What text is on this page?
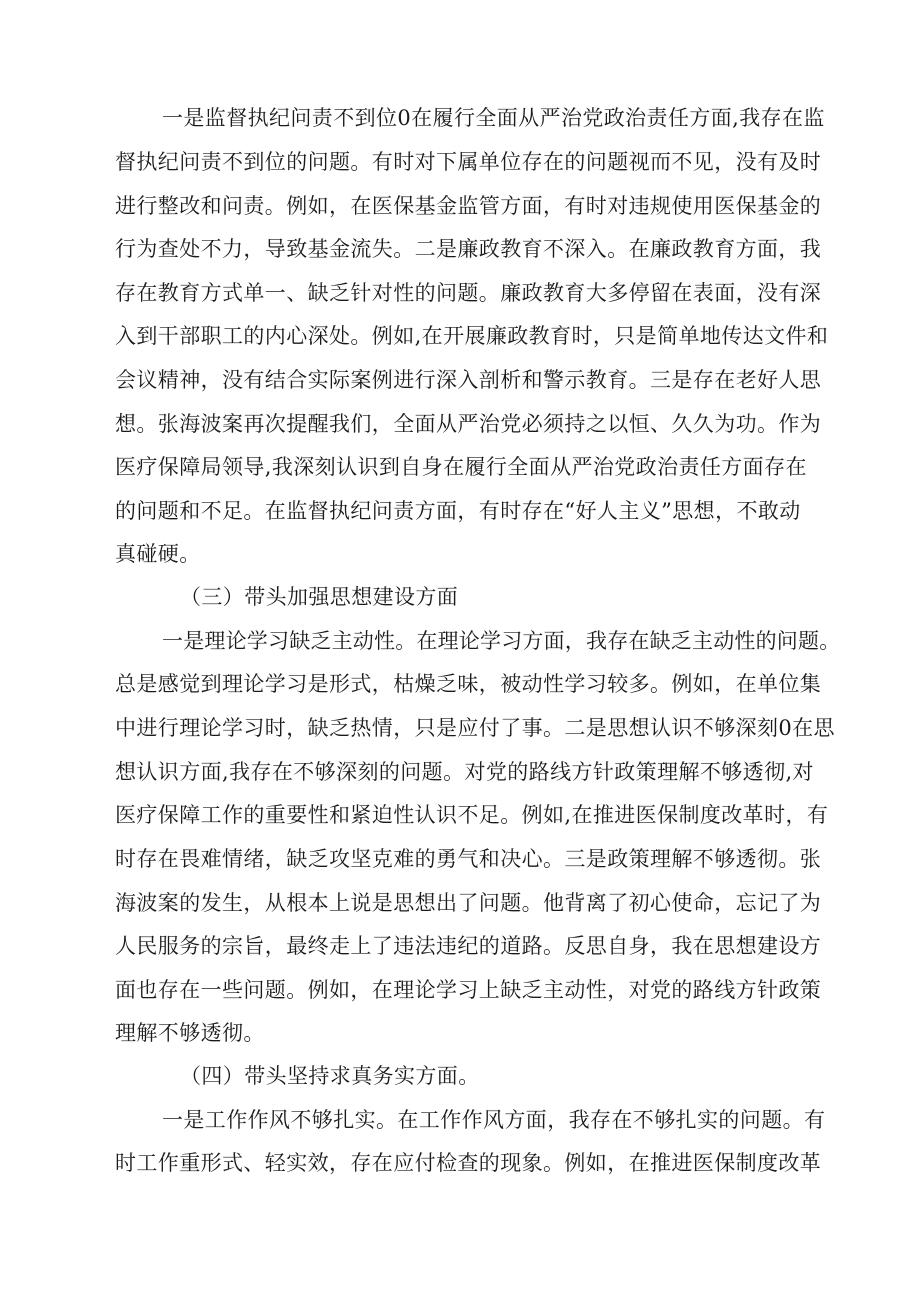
一是监督执纪问责不到位0在履行全面从严治党政治责任方面,我存在监
督执纪问责不到位的问题。有时对下属单位存在的问题视而不见，没有及时
进行整改和问责。例如，在医保基金监管方面，有时对违规使用医保基金的
行为查处不力，导致基金流失。二是廉政教育不深入。在廉政教育方面，我
存在教育方式单一、缺乏针对性的问题。廉政教育大多停留在表面，没有深
入到干部职工的内心深处。例如,在开展廉政教育时，只是简单地传达文件和
会议精神，没有结合实际案例进行深入剖析和警示教育。三是存在老好人思
想。张海波案再次提醒我们，全面从严治党必须持之以恒、久久为功。作为
医疗保障局领导,我深刻认识到自身在履行全面从严治党政治责任方面存在
的问题和不足。在监督执纪问责方面，有时存在“好人主义”思想，不敢动
真碰硬。
（三）带头加强思想建设方面
一是理论学习缺乏主动性。在理论学习方面，我存在缺乏主动性的问题。
总是感觉到理论学习是形式，枯燥乏味，被动性学习较多。例如，在单位集
中进行理论学习时，缺乏热情，只是应付了事。二是思想认识不够深刻0在思
想认识方面,我存在不够深刻的问题。对党的路线方针政策理解不够透彻,对
医疗保障工作的重要性和紧迫性认识不足。例如,在推进医保制度改革时，有
时存在畏难情绪，缺乏攻坚克难的勇气和决心。三是政策理解不够透彻。张
海波案的发生，从根本上说是思想出了问题。他背离了初心使命，忘记了为
人民服务的宗旨，最终走上了违法违纪的道路。反思自身，我在思想建设方
面也存在一些问题。例如，在理论学习上缺乏主动性，对党的路线方针政策
理解不够透彻。
（四）带头坚持求真务实方面。
一是工作作风不够扎实。在工作作风方面，我存在不够扎实的问题。有
时工作重形式、轻实效，存在应付检查的现象。例如，在推进医保制度改革
